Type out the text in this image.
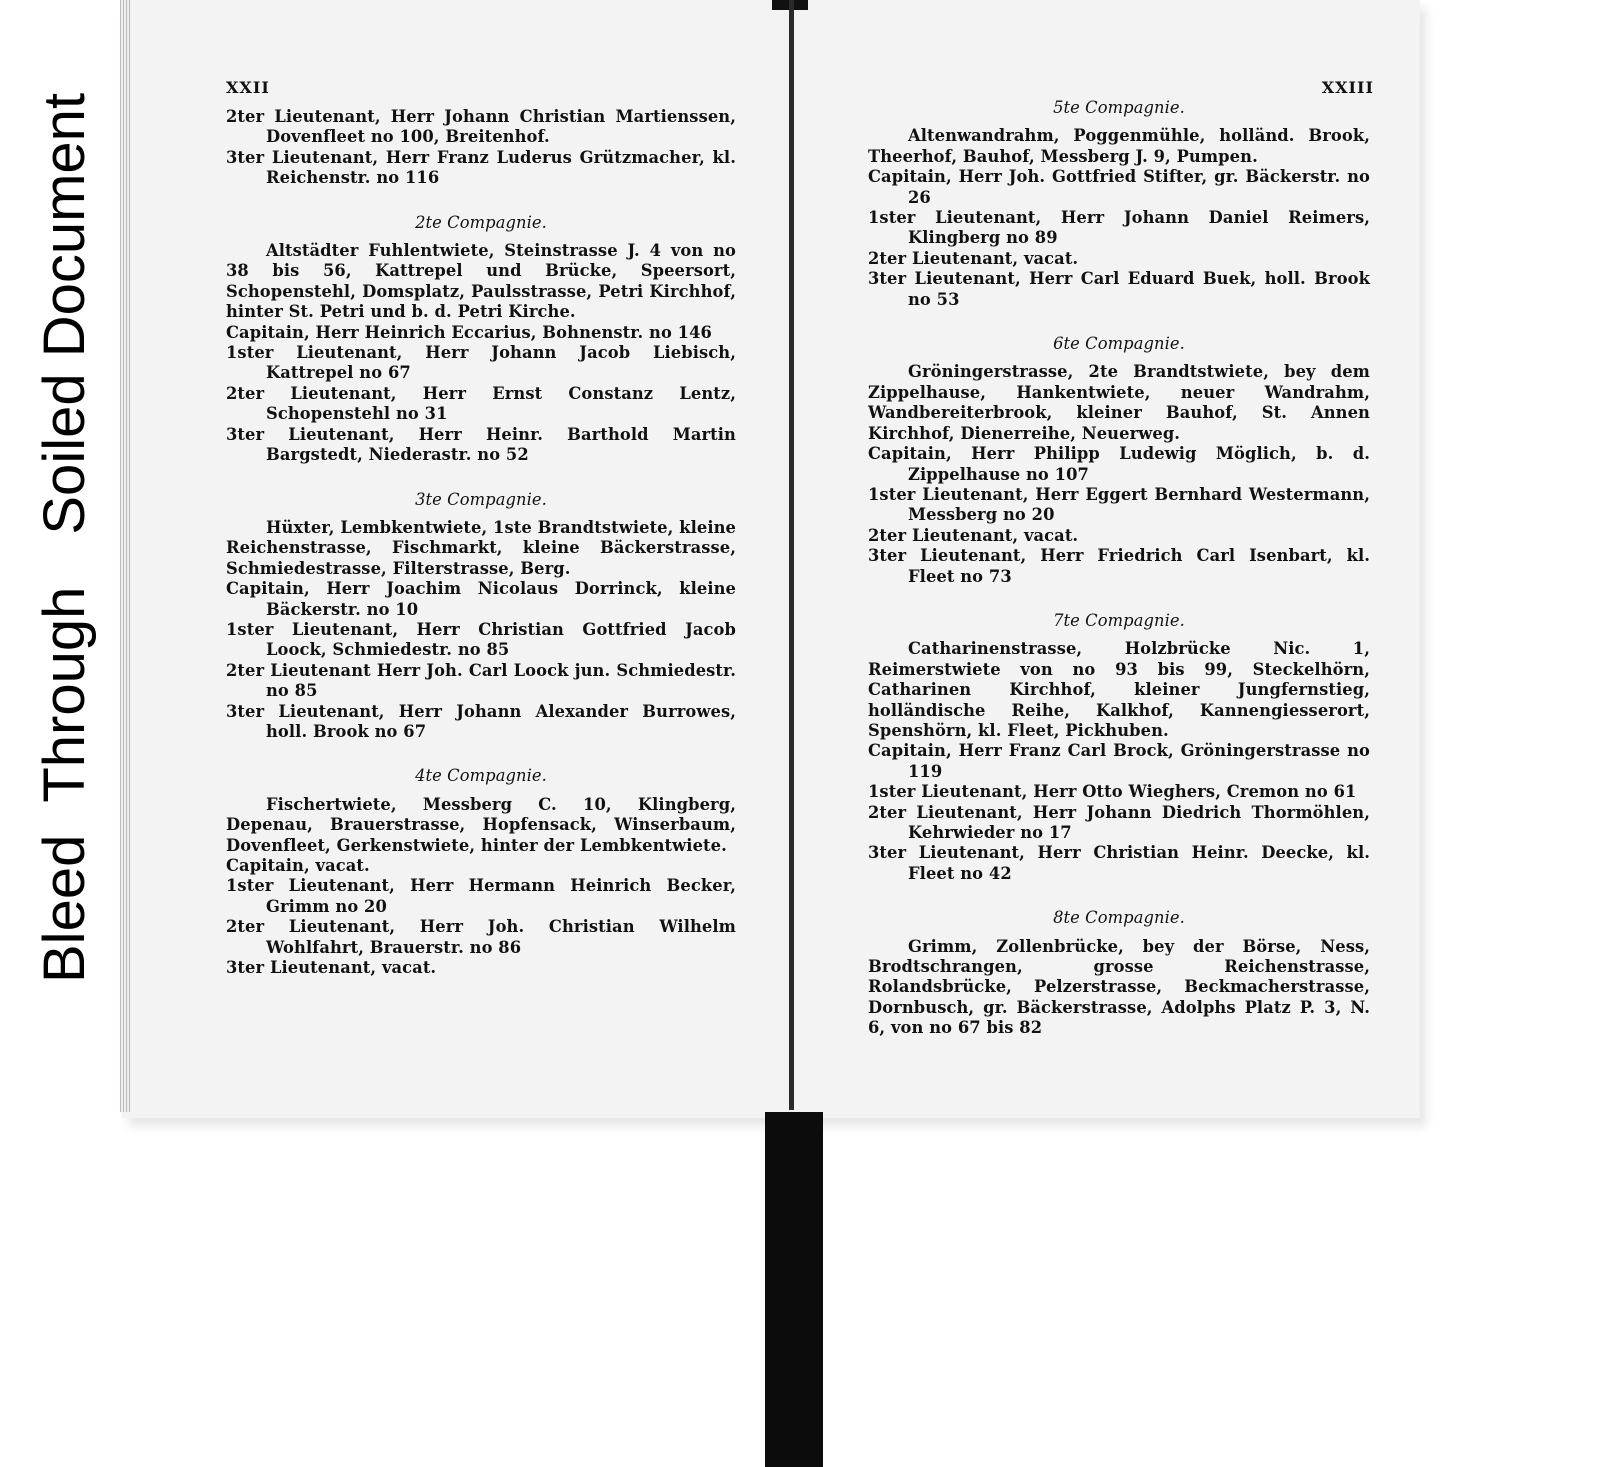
Bleed
Through
Soiled Document
XXII
2ter Lieutenant, Herr Johann Christian Martienssen, Dovenfleet no 100, Breitenhof.
3ter Lieutenant, Herr Franz Luderus Grützmacher, kl. Reichenstr. no 116
2te Compagnie.
Altstädter Fuhlentwiete, Steinstrasse J. 4 von no 38 bis 56, Kattrepel und Brücke, Speersort, Schopenstehl, Domsplatz, Paulsstrasse, Petri Kirchhof, hinter St. Petri und b. d. Petri Kirche.
Capitain, Herr Heinrich Eccarius, Bohnenstr. no 146
1ster Lieutenant, Herr Johann Jacob Liebisch, Kattrepel no 67
2ter Lieutenant, Herr Ernst Constanz Lentz, Schopenstehl no 31
3ter Lieutenant, Herr Heinr. Barthold Martin Bargstedt, Niederastr. no 52
3te Compagnie.
Hüxter, Lembkentwiete, 1ste Brandtstwiete, kleine Reichenstrasse, Fischmarkt, kleine Bäckerstrasse, Schmiedestrasse, Filterstrasse, Berg.
Capitain, Herr Joachim Nicolaus Dorrinck, kleine Bäckerstr. no 10
1ster Lieutenant, Herr Christian Gottfried Jacob Loock, Schmiedestr. no 85
2ter Lieutenant Herr Joh. Carl Loock jun. Schmiedestr. no 85
3ter Lieutenant, Herr Johann Alexander Burrowes, holl. Brook no 67
4te Compagnie.
Fischertwiete, Messberg C. 10, Klingberg, Depenau, Brauerstrasse, Hopfensack, Winserbaum, Dovenfleet, Gerkenstwiete, hinter der Lembkentwiete.
Capitain, vacat.
1ster Lieutenant, Herr Hermann Heinrich Becker, Grimm no 20
2ter Lieutenant, Herr Joh. Christian Wilhelm Wohlfahrt, Brauerstr. no 86
3ter Lieutenant, vacat.
XXIII
5te Compagnie.
Altenwandrahm, Poggenmühle, holländ. Brook, Theerhof, Bauhof, Messberg J. 9, Pumpen.
Capitain, Herr Joh. Gottfried Stifter, gr. Bäckerstr. no 26
1ster Lieutenant, Herr Johann Daniel Reimers, Klingberg no 89
2ter Lieutenant, vacat.
3ter Lieutenant, Herr Carl Eduard Buek, holl. Brook no 53
6te Compagnie.
Gröningerstrasse, 2te Brandtstwiete, bey dem Zippelhause, Hankentwiete, neuer Wandrahm, Wandbereiterbrook, kleiner Bauhof, St. Annen Kirchhof, Dienerreihe, Neuerweg.
Capitain, Herr Philipp Ludewig Möglich, b. d. Zippelhause no 107
1ster Lieutenant, Herr Eggert Bernhard Westermann, Messberg no 20
2ter Lieutenant, vacat.
3ter Lieutenant, Herr Friedrich Carl Isenbart, kl. Fleet no 73
7te Compagnie.
Catharinenstrasse, Holzbrücke Nic. 1, Reimerstwiete von no 93 bis 99, Steckelhörn, Catharinen Kirchhof, kleiner Jungfernstieg, holländische Reihe, Kalkhof, Kannengiesserort, Spenshörn, kl. Fleet, Pickhuben.
Capitain, Herr Franz Carl Brock, Gröningerstrasse no 119
1ster Lieutenant, Herr Otto Wieghers, Cremon no 61
2ter Lieutenant, Herr Johann Diedrich Thormöhlen, Kehrwieder no 17
3ter Lieutenant, Herr Christian Heinr. Deecke, kl. Fleet no 42
8te Compagnie.
Grimm, Zollenbrücke, bey der Börse, Ness, Brodtschrangen, grosse Reichenstrasse, Rolandsbrücke, Pelzerstrasse, Beckmacherstrasse, Dornbusch, gr. Bäckerstrasse, Adolphs Platz P. 3, N. 6, von no 67 bis 82
